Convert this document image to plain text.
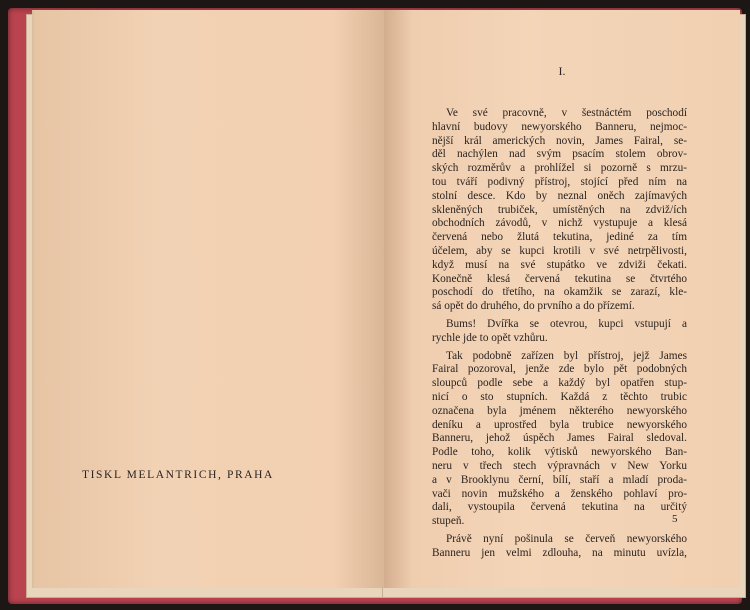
TISKL MELANTRICH, PRAHA
I.
Ve své pracovně, v šestnáctém poschodí
hlavní budovy newyorského Banneru, nejmoc-
nější král amerických novin, James Fairal, se-
děl nachýlen nad svým psacím stolem obrov-
ských rozměrův a prohlížel si pozorně s mrzu-
tou tváří podivný přístroj, stojící před ním na
stolní desce. Kdo by neznal oněch zajímavých
skleněných trubiček, umístěných na zdviž/ích
obchodních závodů, v nichž vystupuje a klesá
červená nebo žlutá tekutina, jediné za tím
účelem, aby se kupci krotili v své netrpělivosti,
když musí na své stupátko ve zdviži čekati.
Konečně klesá červená tekutina se čtvrtého
poschodí do třetího, na okamžik se zarazí, kle-
sá opět do druhého, do prvního a do přízemí.
Bums! Dvířka se otevrou, kupci vstupují a
rychle jde to opět vzhůru.
Tak podobně zařízen byl přístroj, jejž James
Fairal pozoroval, jenže zde bylo pět podobných
sloupců podle sebe a každý byl opatřen stup-
nicí o sto stupních. Každá z těchto trubic
označena byla jménem některého newyorského
deníku a uprostřed byla trubice newyorského
Banneru, jehož úspěch James Fairal sledoval.
Podle toho, kolik výtisků newyorského Ban-
neru v třech stech výpravnách v New Yorku
a v Brooklynu černí, bílí, staří a mladí proda-
vači novin mužského a ženského pohlaví pro-
dali, vystoupila červená tekutina na určitý
stupeň.
Právě nyní pošinula se červeň newyorského
Banneru jen velmi zdlouha, na minutu uvízla,
5
